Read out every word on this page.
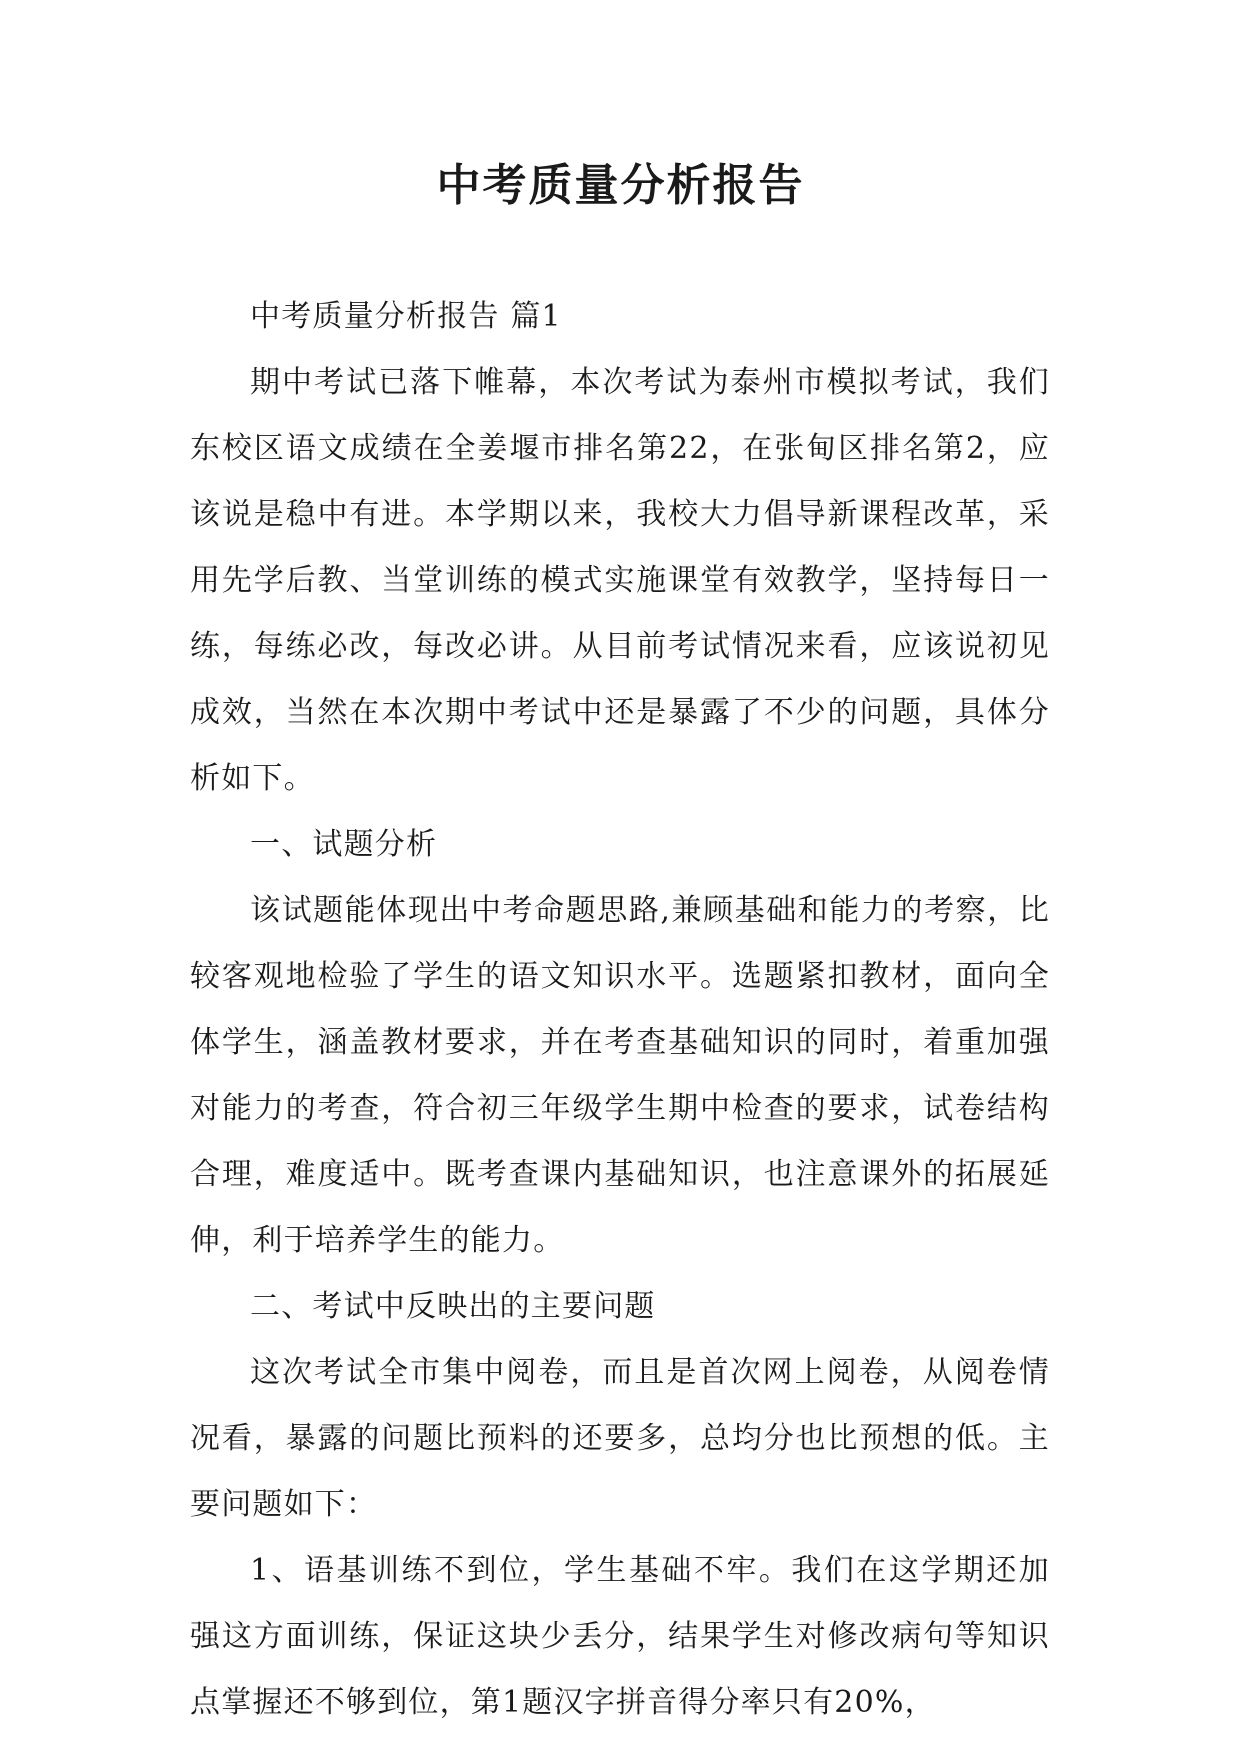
中考质量分析报告

中考质量分析报告 篇1

期中考试已落下帷幕，本次考试为泰州市模拟考试，我们东校区语文成绩在全姜堰市排名第22，在张甸区排名第2，应该说是稳中有进。本学期以来，我校大力倡导新课程改革，采用先学后教、当堂训练的模式实施课堂有效教学，坚持每日一练，每练必改，每改必讲。从目前考试情况来看，应该说初见成效，当然在本次期中考试中还是暴露了不少的问题，具体分析如下。

一、试题分析

该试题能体现出中考命题思路,兼顾基础和能力的考察，比较客观地检验了学生的语文知识水平。选题紧扣教材，面向全体学生，涵盖教材要求，并在考查基础知识的同时，着重加强对能力的考查，符合初三年级学生期中检查的要求，试卷结构合理，难度适中。既考查课内基础知识，也注意课外的拓展延伸，利于培养学生的能力。

二、考试中反映出的主要问题

这次考试全市集中阅卷，而且是首次网上阅卷，从阅卷情况看，暴露的问题比预料的还要多，总均分也比预想的低。主要问题如下：

1、语基训练不到位，学生基础不牢。我们在这学期还加强这方面训练，保证这块少丢分，结果学生对修改病句等知识点掌握还不够到位，第1题汉字拼音得分率只有20%，
